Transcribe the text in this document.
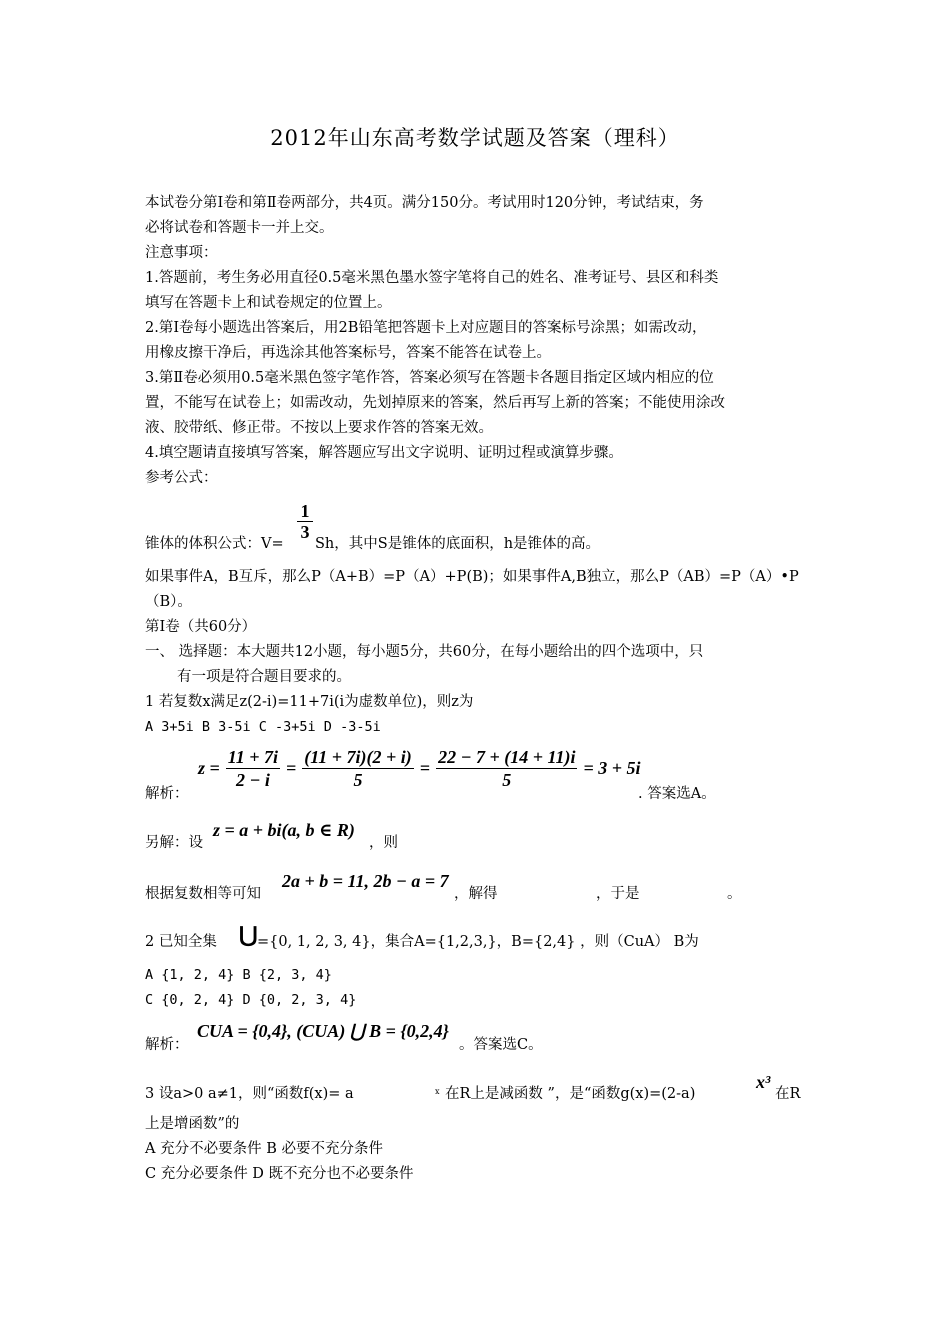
2012年山东高考数学试题及答案（理科）
本试卷分第Ⅰ卷和第Ⅱ卷两部分，共4页。满分150分。考试用时120分钟，考试结束，务
必将试卷和答题卡一并上交。
注意事项：
1.答题前，考生务必用直径0.5毫米黑色墨水签字笔将自己的姓名、准考证号、县区和科类
填写在答题卡上和试卷规定的位置上。
2.第Ⅰ卷每小题选出答案后，用2B铅笔把答题卡上对应题目的答案标号涂黑；如需改动，
用橡皮擦干净后，再选涂其他答案标号，答案不能答在试卷上。
3.第Ⅱ卷必须用0.5毫米黑色签字笔作答，答案必须写在答题卡各题目指定区域内相应的位
置，不能写在试卷上；如需改动，先划掉原来的答案，然后再写上新的答案；不能使用涂改
液、胶带纸、修正带。不按以上要求作答的答案无效。
4.填空题请直接填写答案，解答题应写出文字说明、证明过程或演算步骤。
参考公式：
锥体的体积公式：V=
1
3
Sh，其中S是锥体的底面积，h是锥体的高。
如果事件A，B互斥，那么P（A+B）=P（A）+P(B)；如果事件A,B独立，那么P（AB）=P（A）•P
（B）。
第Ⅰ卷（共60分）
一、 选择题：本大题共12小题，每小题5分，共60分，在每小题给出的四个选项中，只
有一项是符合题目要求的。
1 若复数x满足z(2-i)=11+7i(i为虚数单位)，则z为
A 3+5i B 3-5i C -3+5i D -3-5i
解析：
$z = \frac{11 + 7i}{2 - i} = \frac{(11 + 7i)(2 + i)}{5} = \frac{22 - 7 + (14 + 11)i}{5} = 3 + 5i$
. 答案选A。
另解：设
z = a + bi(a, b ∈ R)
，则
根据复数相等可知
2a + b = 11, 2b − a = 7
，解得	，于是	。
2 已知全集 ⋃ ={0, 1, 2, 3, 4}，集合A={1,2,3,}，B={2,4} ，则（CuA） B为
A {1, 2, 4} B {2, 3, 4}
C {0, 2, 4} D {0, 2, 3, 4}
解析：
CUA = {0,4}, (CUA) ⋃ B = {0,2,4}
。答案选C。
3 设a>0 a≠1，则“函数f(x)= a	x 在R上是减函数 ”，是“函数g(x)=(2-a)
x³
在R
上是增函数”的
A 充分不必要条件 B 必要不充分条件
C 充分必要条件 D 既不充分也不必要条件
